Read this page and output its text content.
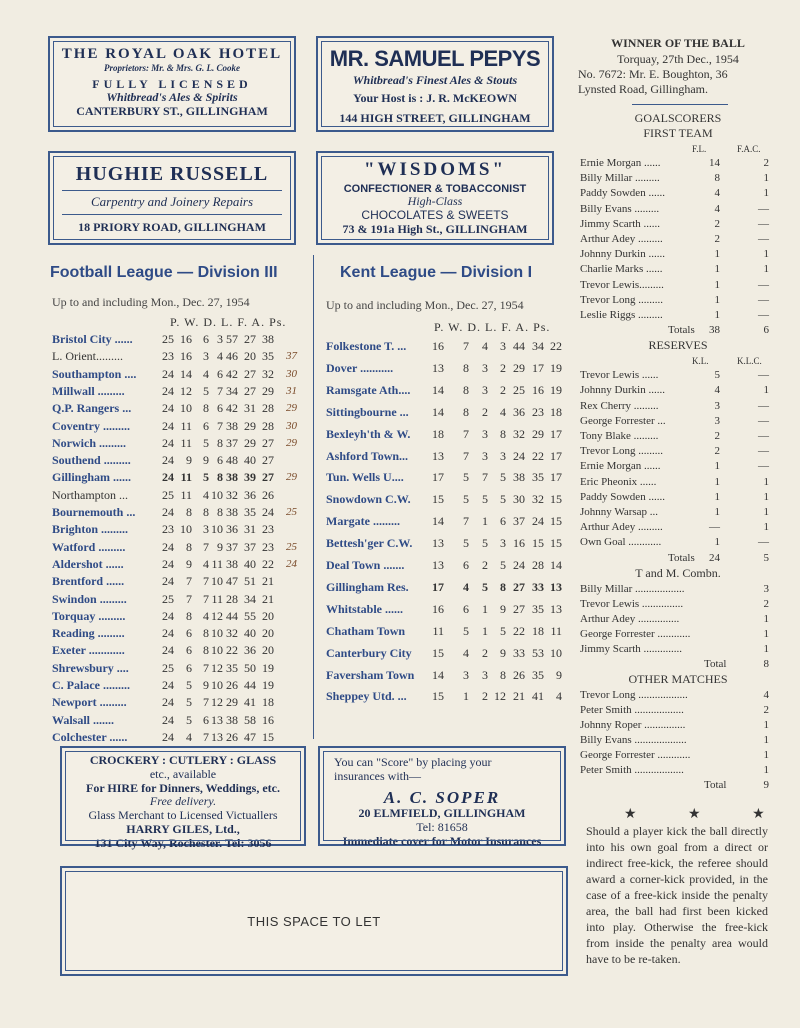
THE ROYAL OAK HOTEL
Proprietors: Mr. & Mrs. G. L. Cooke
FULLY LICENSED
Whitbread's Ales & Spirits
CANTERBURY ST., GILLINGHAM
MR. SAMUEL PEPYS
Whitbread's Finest Ales & Stouts
Your Host is : J. R. McKEOWN
144 HIGH STREET, GILLINGHAM
HUGHIE RUSSELL
Carpentry and Joinery Repairs
18 PRIORY ROAD, GILLINGHAM
"WISDOMS"
CONFECTIONER & TOBACCONIST
High-Class
CHOCOLATES & SWEETS
73 & 191a High St., GILLINGHAM
Football League — Division III
Up to and including Mon., Dec. 27, 1954
P. W. D. L. F. A. Ps.
Bristol City ......	25 16 6 3 57 27 38
L. Orient.........	23 16 3 4 46 20 35 37
Southampton ....	24 14 4 6 42 27 32 30
Millwall .........	24 12 5 7 34 27 29 31
Q.P. Rangers ...	24 10 8 6 42 31 28 29
Coventry .........	24 11 6 7 38 29 28 30
Norwich .........	24 11 5 8 37 29 27 29
Southend .........	24	9 9 6 48 40 27
Gillingham ......	24 11 5 8 38 39 27 29
Northampton ...	25 11 4 10 32 36 26
Bournemouth ...	24	8 8 8 38 35 24 25
Brighton .........	23 10 3 10 36 31 23
Watford .........	24	8 7 9 37 37 23 25
Aldershot ......	24	9 4 11 38 40 22 24
Brentford ......	24	7 7 10 47 51 21
Swindon .........	25	7 7 11 28 34 21
Torquay .........	24	8 4 12 44 55 20
Reading .........	24	6 8 10 32 40 20
Exeter ............	24	6 8 10 22 36 20
Shrewsbury ....	25	6 7 12 35 50 19
C. Palace .........	24	5 9 10 26 44 19
Newport .........	24	5 7 12 29 41 18
Walsall .......	24	5 6 13 38 58 16
Colchester ......	24	4 7 13 26 47 15
Kent League — Division I
Up to and including Mon., Dec. 27, 1954
P. W. D. L. F. A. Ps.
Folkestone T. ...	16	7	4	3 44 34 22
Dover ...........	13	8	3	2 29 17 19
Ramsgate Ath....	14	8	3	2 25 16 19
Sittingbourne ...	14	8	2	4 36 23 18
Bexleyh'th & W.	18	7	3	8 32 29 17
Ashford Town...	13	7	3	3 24 22 17
Tun. Wells U....	17	5	7	5 38 35 17
Snowdown C.W.	15	5	5	5 30 32 15
Margate .........	14	7	1	6 37 24 15
Bettesh'ger C.W.	13	5	5	3 16 15 15
Deal Town .......	13	6	2	5 24 28 14
Gillingham Res.	17	4	5	8 27 33 13
Whitstable ......	16	6	1	9 27 35 13
Chatham Town	11	5	1	5 22 18 11
Canterbury City	15	4	2	9 33 53 10
Faversham Town	14	3	3	8 26 35	9
Sheppey Utd. ...	15	1	2 12 21 41	4
WINNER OF THE BALL
Torquay, 27th Dec., 1954
No. 7672: Mr. E. Boughton, 36
Lynsted Road, Gillingham.
GOALSCORERS
FIRST TEAM
F.L.	F.A.C.
Ernie Morgan ......	14	2
Billy Millar .........	8	1
Paddy Sowden ......	4	1
Billy Evans .........	4	—
Jimmy Scarth ......	2	—
Arthur Adey .........	2	—
Johnny Durkin ......	1	1
Charlie Marks ......	1	1
Trevor Lewis.........	1	—
Trevor Long .........	1	—
Leslie Riggs .........	1	—
Totals	38	6
RESERVES
K.L.	K.L.C.
Trevor Lewis ......	5	—
Johnny Durkin ......	4	1
Rex Cherry .........	3	—
George Forrester ...	3	—
Tony Blake .........	2	—
Trevor Long .........	2	—
Ernie Morgan ......	1	—
Eric Pheonix ......	1	1
Paddy Sowden ......	1	1
Johnny Warsap ...	1	1
Arthur Adey .........	—	1
Own Goal ............	1	—
Totals	24	5
T and M. Combn.
Billy Millar ..................	3
Trevor Lewis ...............	2
Arthur Adey ...............	1
George Forrester ............	1
Jimmy Scarth ..............	1
Total	8
OTHER MATCHES
Trevor Long ..................	4
Peter Smith ..................	2
Johnny Roper ...............	1
Billy Evans ...................	1
George Forrester ............	1
Peter Smith ..................	1
Total	9
★ ★ ★
Should a player kick the ball directly into his own goal from a direct or indirect free-kick, the referee should award a corner-kick provided, in the case of a free-kick inside the penalty area, the ball had first been kicked into play. Otherwise the free-kick from inside the penalty area would have to be re-taken.
CROCKERY : CUTLERY : GLASS
etc., available
For HIRE for Dinners, Weddings, etc.
Free delivery.
Glass Merchant to Licensed Victuallers
HARRY GILES, Ltd.,
131 City Way, Rochester. Tel: 3056
You can "Score" by placing your
insurances with—
A. C. SOPER
20 ELMFIELD, GILLINGHAM
Tel: 81658
Immediate cover for Motor Insurances
THIS SPACE TO LET
